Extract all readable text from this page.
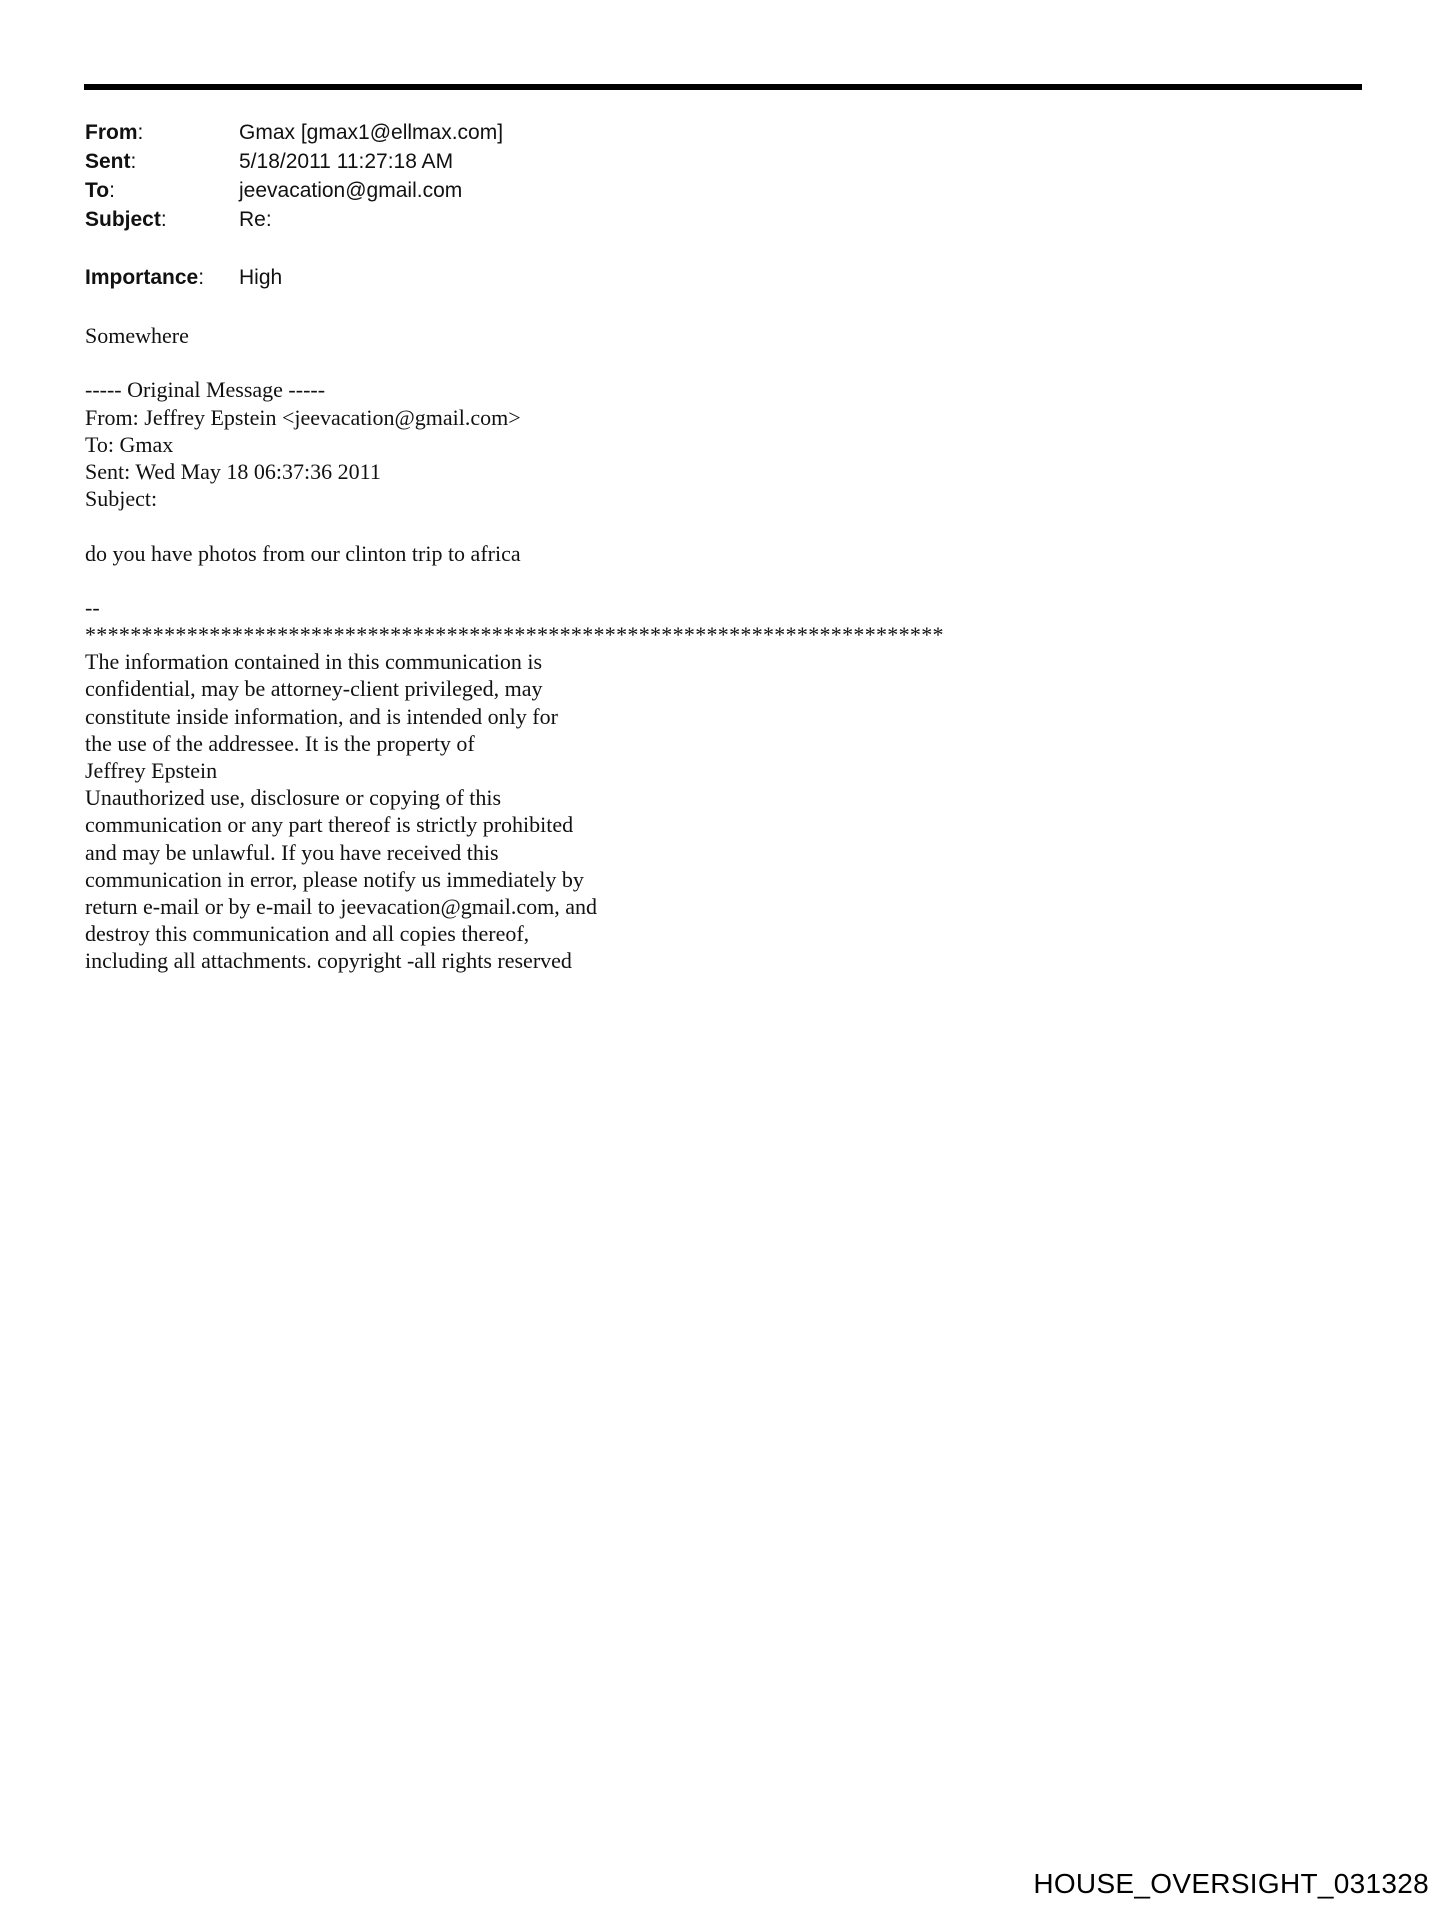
From:	Gmax [gmax1@ellmax.com]
Sent:	5/18/2011 11:27:18 AM
To:	jeevacation@gmail.com
Subject:	Re:
Importance:	High
Somewhere
----- Original Message -----
From: Jeffrey Epstein <jeevacation@gmail.com>
To: Gmax
Sent: Wed May 18 06:37:36 2011
Subject:
do you have photos from our clinton trip to africa
--
****************************************************************************
The information contained in this communication is
confidential, may be attorney-client privileged, may
constitute inside information, and is intended only for
the use of the addressee. It is the property of
Jeffrey Epstein
Unauthorized use, disclosure or copying of this
communication or any part thereof is strictly prohibited
and may be unlawful. If you have received this
communication in error, please notify us immediately by
return e-mail or by e-mail to jeevacation@gmail.com, and
destroy this communication and all copies thereof,
including all attachments. copyright -all rights reserved
HOUSE_OVERSIGHT_031328
